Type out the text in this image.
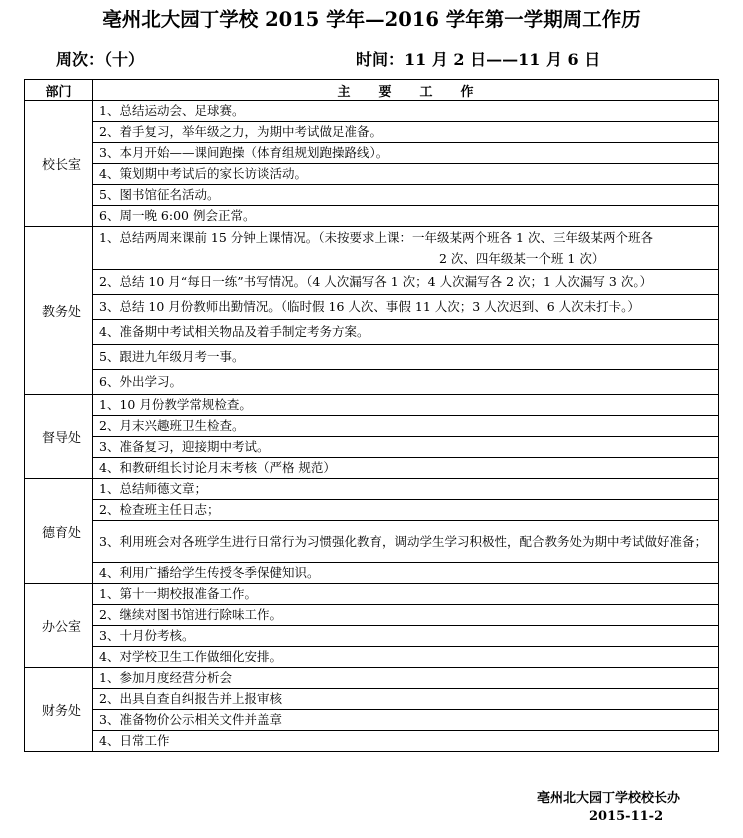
亳州北大园丁学校 2015 学年—2016 学年第一学期周工作历
周次：（十）	时间：11 月 2 日——11 月 6 日
部门	主 要 工 作
校长室	1、总结运动会、足球赛。
	2、着手复习，举年级之力，为期中考试做足准备。
	3、本月开始——课间跑操（体育组规划跑操路线）。
	4、策划期中考试后的家长访谈活动。
	5、图书馆征名活动。
	6、周一晚 6:00 例会正常。
教务处	1、总结两周来课前 15 分钟上课情况。（未按要求上课：一年级某两个班各 1 次、三年级某两个班各
2 次、四年级某一个班 1 次）

	2、总结 10 月“每日一练”书写情况。（4 人次漏写各 1 次；4 人次漏写各 2 次；1 人次漏写 3 次。）
	3、总结 10 月份教师出勤情况。（临时假 16 人次、事假 11 人次；3 人次迟到、6 人次未打卡。）
	4、准备期中考试相关物品及着手制定考务方案。
	5、跟进九年级月考一事。
	6、外出学习。
督导处	1、10 月份教学常规检查。
	2、月末兴趣班卫生检查。
	3、准备复习，迎接期中考试。
	4、和教研组长讨论月末考核（严格 规范）
德育处	1、总结师德文章；
	2、检查班主任日志；
	3、利用班会对各班学生进行日常行为习惯强化教育，调动学生学习积极性，配合教务处为期中考试做好准备；
	4、利用广播给学生传授冬季保健知识。
办公室	1、第十一期校报准备工作。
	2、继续对图书馆进行除味工作。
	3、十月份考核。
	4、对学校卫生工作做细化安排。
财务处	1、参加月度经营分析会
	2、出具自查自纠报告并上报审核
	3、准备物价公示相关文件并盖章
	4、日常工作
亳州北大园丁学校校长办
2015-11-2
